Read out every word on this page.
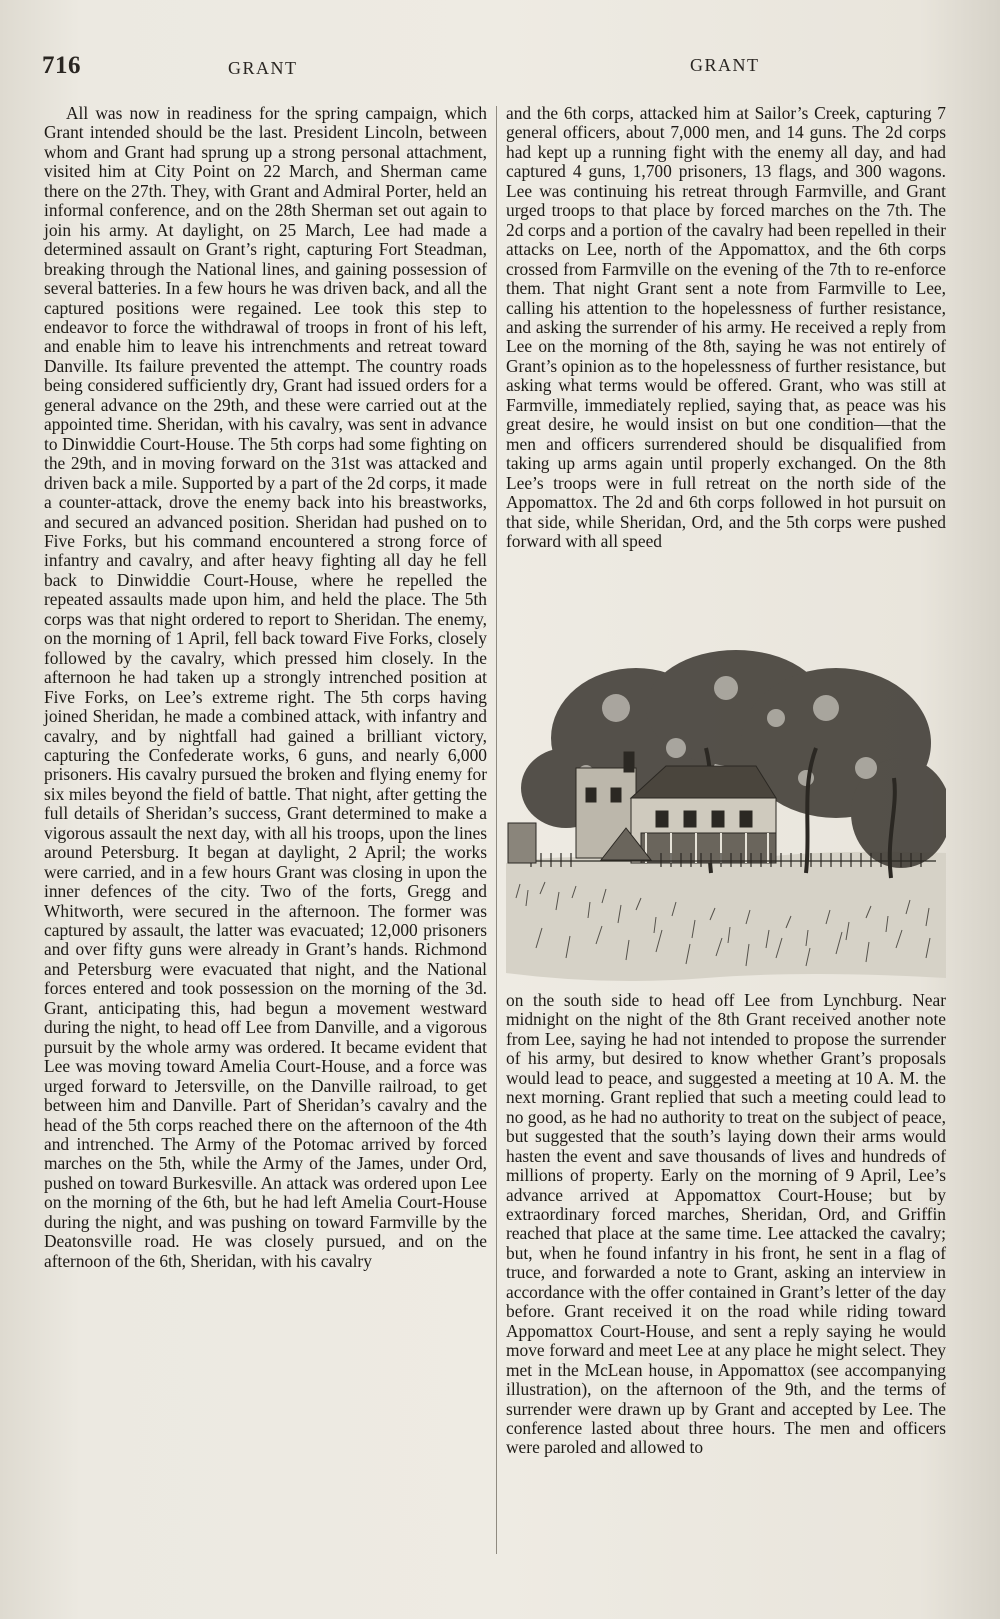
716	GRANT	GRANT

All was now in readiness for the spring campaign, which Grant intended should be the last. President Lincoln, between whom and Grant had sprung up a strong personal attachment, visited him at City Point on 22 March, and Sherman came there on the 27th. They, with Grant and Admiral Porter, held an informal conference, and on the 28th Sherman set out again to join his army. At daylight, on 25 March, Lee had made a determined assault on Grant’s right, capturing Fort Steadman, breaking through the National lines, and gaining possession of several batteries. In a few hours he was driven back, and all the captured positions were regained. Lee took this step to endeavor to force the withdrawal of troops in front of his left, and enable him to leave his intrenchments and retreat toward Danville. Its failure prevented the attempt. The country roads being considered sufficiently dry, Grant had issued orders for a general advance on the 29th, and these were carried out at the appointed time. Sheridan, with his cavalry, was sent in advance to Dinwiddie Court-House. The 5th corps had some fighting on the 29th, and in moving forward on the 31st was attacked and driven back a mile. Supported by a part of the 2d corps, it made a counter-attack, drove the enemy back into his breastworks, and secured an advanced position. Sheridan had pushed on to Five Forks, but his command encountered a strong force of infantry and cavalry, and after heavy fighting all day he fell back to Dinwiddie Court-House, where he repelled the repeated assaults made upon him, and held the place. The 5th corps was that night ordered to report to Sheridan. The enemy, on the morning of 1 April, fell back toward Five Forks, closely followed by the cavalry, which pressed him closely. In the afternoon he had taken up a strongly intrenched position at Five Forks, on Lee’s extreme right. The 5th corps having joined Sheridan, he made a combined attack, with infantry and cavalry, and by nightfall had gained a brilliant victory, capturing the Confederate works, 6 guns, and nearly 6,000 prisoners. His cavalry pursued the broken and flying enemy for six miles beyond the field of battle. That night, after getting the full details of Sheridan’s success, Grant determined to make a vigorous assault the next day, with all his troops, upon the lines around Petersburg. It began at daylight, 2 April; the works were carried, and in a few hours Grant was closing in upon the inner defences of the city. Two of the forts, Gregg and Whitworth, were secured in the afternoon. The former was captured by assault, the latter was evacuated; 12,000 prisoners and over fifty guns were already in Grant’s hands. Richmond and Petersburg were evacuated that night, and the National forces entered and took possession on the morning of the 3d. Grant, anticipating this, had begun a movement westward during the night, to head off Lee from Danville, and a vigorous pursuit by the whole army was ordered. It became evident that Lee was moving toward Amelia Court-House, and a force was urged forward to Jetersville, on the Danville railroad, to get between him and Danville. Part of Sheridan’s cavalry and the head of the 5th corps reached there on the afternoon of the 4th and intrenched. The Army of the Potomac arrived by forced marches on the 5th, while the Army of the James, under Ord, pushed on toward Burkesville. An attack was ordered upon Lee on the morning of the 6th, but he had left Amelia Court-House during the night, and was pushing on toward Farmville by the Deatonsville road. He was closely pursued, and on the afternoon of the 6th, Sheridan, with his cavalry

and the 6th corps, attacked him at Sailor’s Creek, capturing 7 general officers, about 7,000 men, and 14 guns. The 2d corps had kept up a running fight with the enemy all day, and had captured 4 guns, 1,700 prisoners, 13 flags, and 300 wagons. Lee was continuing his retreat through Farmville, and Grant urged troops to that place by forced marches on the 7th. The 2d corps and a portion of the cavalry had been repelled in their attacks on Lee, north of the Appomattox, and the 6th corps crossed from Farmville on the evening of the 7th to re-enforce them. That night Grant sent a note from Farmville to Lee, calling his attention to the hopelessness of further resistance, and asking the surrender of his army. He received a reply from Lee on the morning of the 8th, saying he was not entirely of Grant’s opinion as to the hopelessness of further resistance, but asking what terms would be offered. Grant, who was still at Farmville, immediately replied, saying that, as peace was his great desire, he would insist on but one condition—that the men and officers surrendered should be disqualified from taking up arms again until properly exchanged. On the 8th Lee’s troops were in full retreat on the north side of the Appomattox. The 2d and 6th corps followed in hot pursuit on that side, while Sheridan, Ord, and the 5th corps were pushed forward with all speed

on the south side to head off Lee from Lynchburg. Near midnight on the night of the 8th Grant received another note from Lee, saying he had not intended to propose the surrender of his army, but desired to know whether Grant’s proposals would lead to peace, and suggested a meeting at 10 A. M. the next morning. Grant replied that such a meeting could lead to no good, as he had no authority to treat on the subject of peace, but suggested that the south’s laying down their arms would hasten the event and save thousands of lives and hundreds of millions of property. Early on the morning of 9 April, Lee’s advance arrived at Appomattox Court-House; but by extraordinary forced marches, Sheridan, Ord, and Griffin reached that place at the same time. Lee attacked the cavalry; but, when he found infantry in his front, he sent in a flag of truce, and forwarded a note to Grant, asking an interview in accordance with the offer contained in Grant’s letter of the day before. Grant received it on the road while riding toward Appomattox Court-House, and sent a reply saying he would move forward and meet Lee at any place he might select. They met in the McLean house, in Appomattox (see accompanying illustration), on the afternoon of the 9th, and the terms of surrender were drawn up by Grant and accepted by Lee. The conference lasted about three hours. The men and officers were paroled and allowed to
